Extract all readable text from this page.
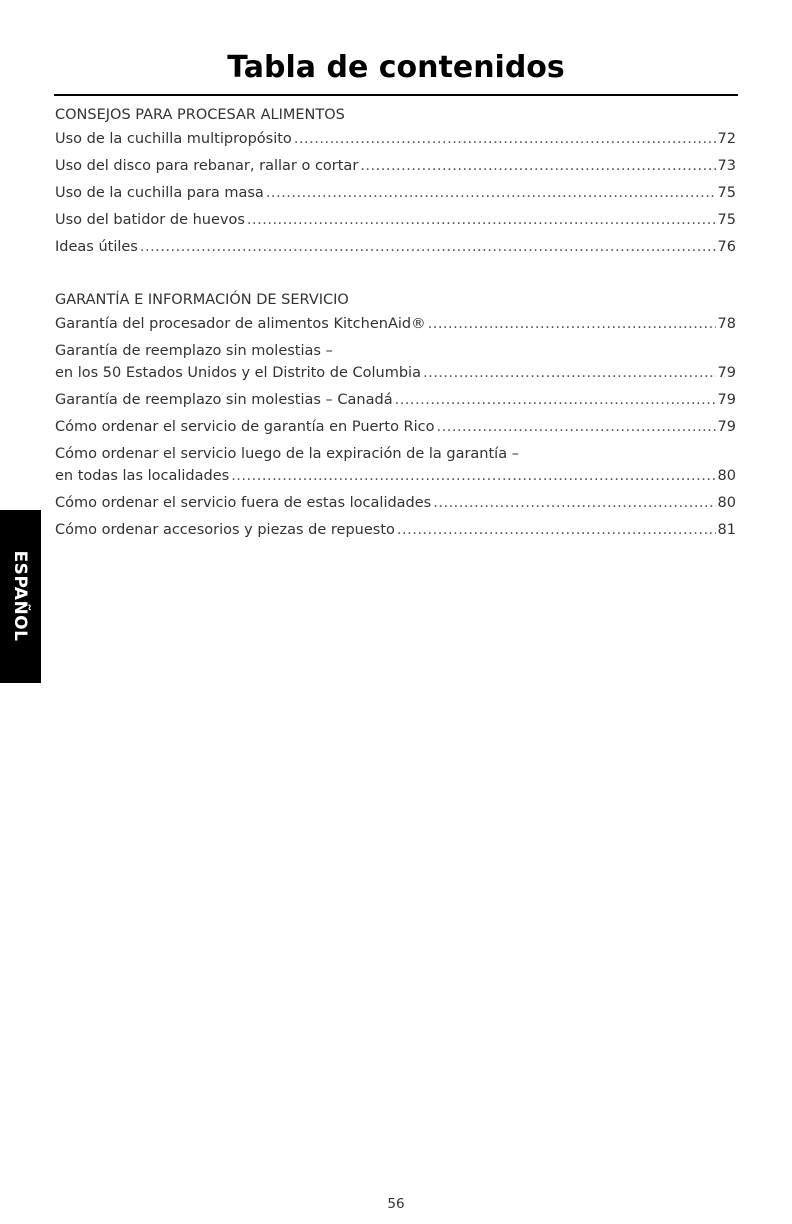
Tabla de contenidos
CONSEJOS PARA PROCESAR ALIMENTOS
Uso de la cuchilla multipropósito .....	72
Uso del disco para rebanar, rallar o cortar .....	73
Uso de la cuchilla para masa .....	75
Uso del batidor de huevos .....	75
Ideas útiles .....	76
GARANTÍA E INFORMACIÓN DE SERVICIO
Garantía del procesador de alimentos KitchenAid® .....	78
Garantía de reemplazo sin molestias –
en los 50 Estados Unidos y el Distrito de Columbia .....	79
Garantía de reemplazo sin molestias – Canadá .....	79
Cómo ordenar el servicio de garantía en Puerto Rico .....	79
Cómo ordenar el servicio luego de la expiración de la garantía –
en todas las localidades .....	80
Cómo ordenar el servicio fuera de estas localidades .....	80
Cómo ordenar accesorios y piezas de repuesto .....	81
ESPAÑOL
56
